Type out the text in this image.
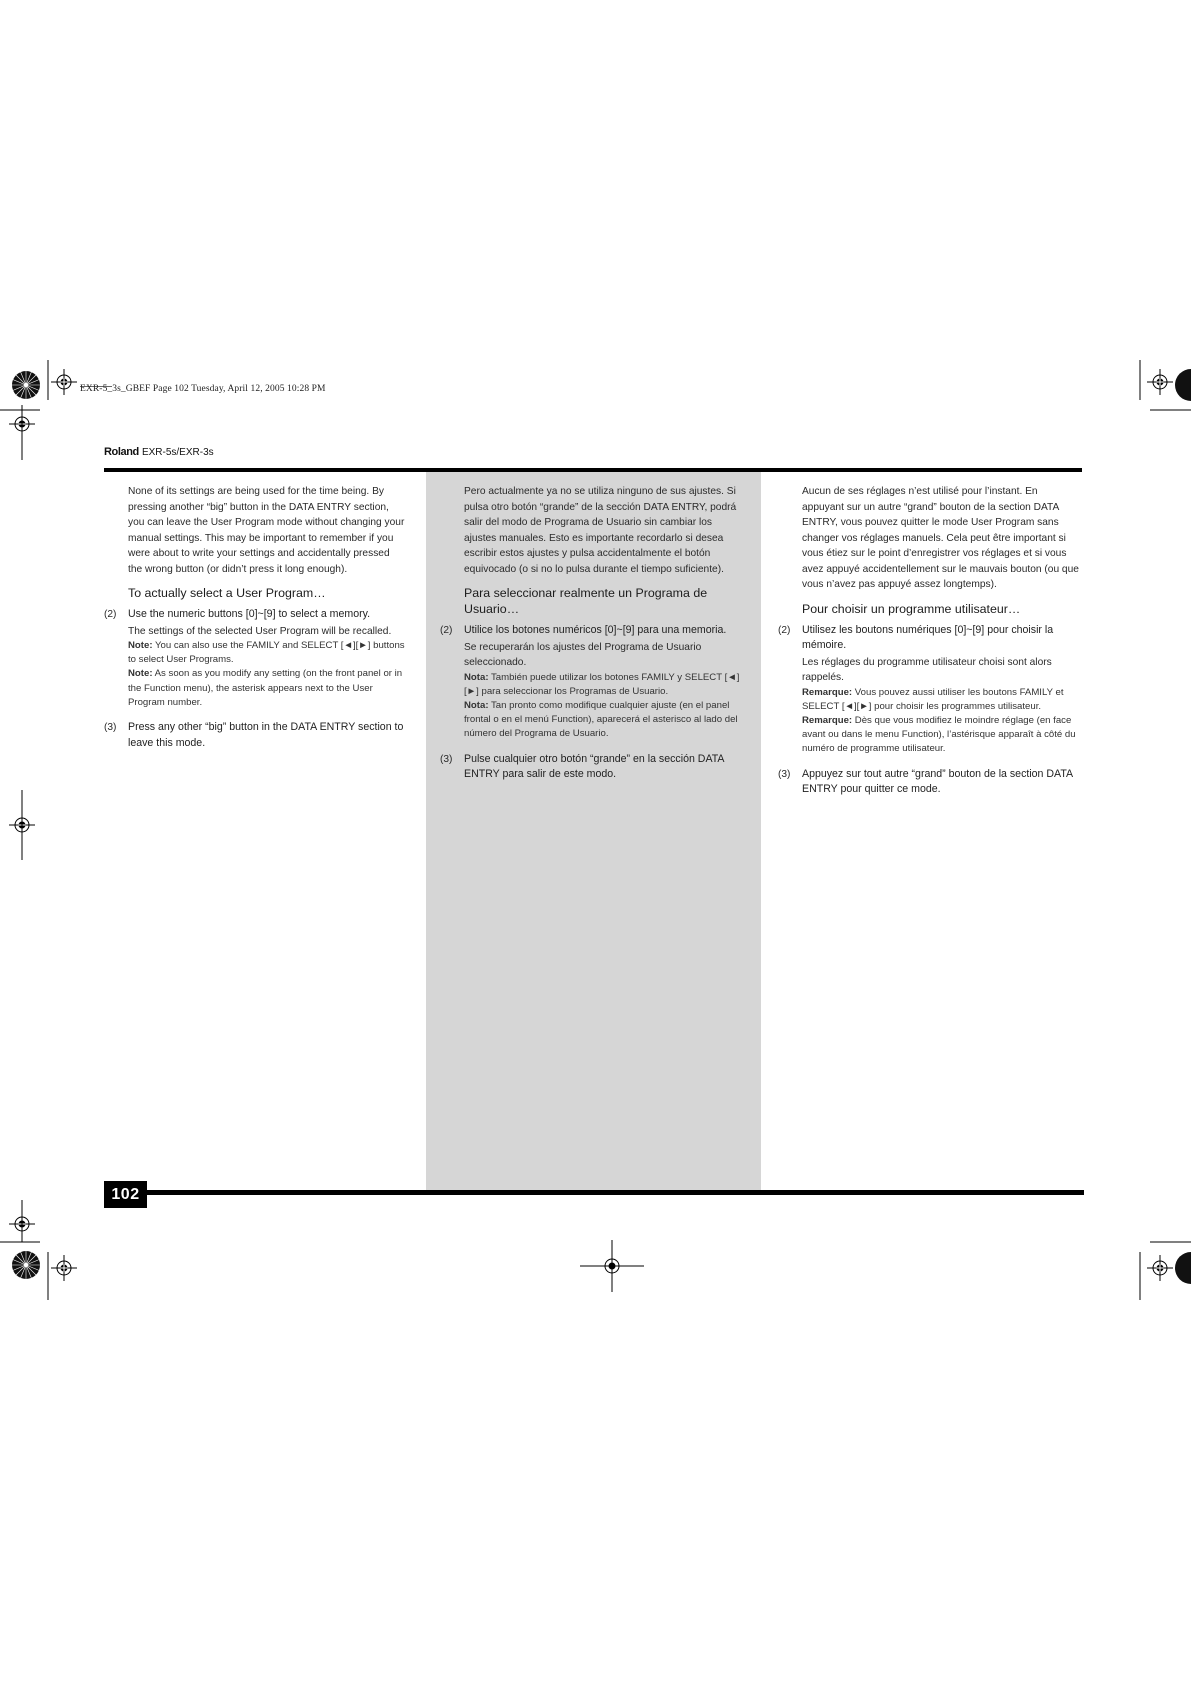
EXR-5_3s_GBEF Page 102 Tuesday, April 12, 2005 10:28 PM
Roland EXR-5s/EXR-3s

None of its settings are being used for the time being. By pressing another “big” button in the DATA ENTRY section, you can leave the User Program mode without changing your manual settings. This may be important to remember if you were about to write your settings and accidentally pressed the wrong button (or didn’t press it long enough).

To actually select a User Program…

(2) Use the numeric buttons [0]~[9] to select a memory.

The settings of the selected User Program will be recalled.

Note: You can also use the FAMILY and SELECT [◄][►] buttons to select User Programs.

Note: As soon as you modify any setting (on the front panel or in the Function menu), the asterisk appears next to the User Program number.

(3) Press any other “big” button in the DATA ENTRY section to leave this mode.

Pero actualmente ya no se utiliza ninguno de sus ajustes. Si pulsa otro botón “grande” de la sección DATA ENTRY, podrá salir del modo de Programa de Usuario sin cambiar los ajustes manuales. Esto es importante recordarlo si desea escribir estos ajustes y pulsa accidentalmente el botón equivocado (o si no lo pulsa durante el tiempo suficiente).

Para seleccionar realmente un Programa de Usuario…

(2) Utilice los botones numéricos [0]~[9] para una memoria.

Se recuperarán los ajustes del Programa de Usuario seleccionado.

Nota: También puede utilizar los botones FAMILY y SELECT [◄][►] para seleccionar los Programas de Usuario.

Nota: Tan pronto como modifique cualquier ajuste (en el panel frontal o en el menú Function), aparecerá el asterisco al lado del número del Programa de Usuario.

(3) Pulse cualquier otro botón “grande” en la sección DATA ENTRY para salir de este modo.

Aucun de ses réglages n’est utilisé pour l’instant. En appuyant sur un autre “grand” bouton de la section DATA ENTRY, vous pouvez quitter le mode User Program sans changer vos réglages manuels. Cela peut être important si vous étiez sur le point d’enregistrer vos réglages et si vous avez appuyé accidentellement sur le mauvais bouton (ou que vous n’avez pas appuyé assez longtemps).

Pour choisir un programme utilisateur…

(2) Utilisez les boutons numériques [0]~[9] pour choisir la mémoire.

Les réglages du programme utilisateur choisi sont alors rappelés.

Remarque: Vous pouvez aussi utiliser les boutons FAMILY et SELECT [◄][►] pour choisir les programmes utilisateur.

Remarque: Dès que vous modifiez le moindre réglage (en face avant ou dans le menu Function), l’astérisque apparaît à côté du numéro de programme utilisateur.

(3) Appuyez sur tout autre “grand” bouton de la section DATA ENTRY pour quitter ce mode.

102
